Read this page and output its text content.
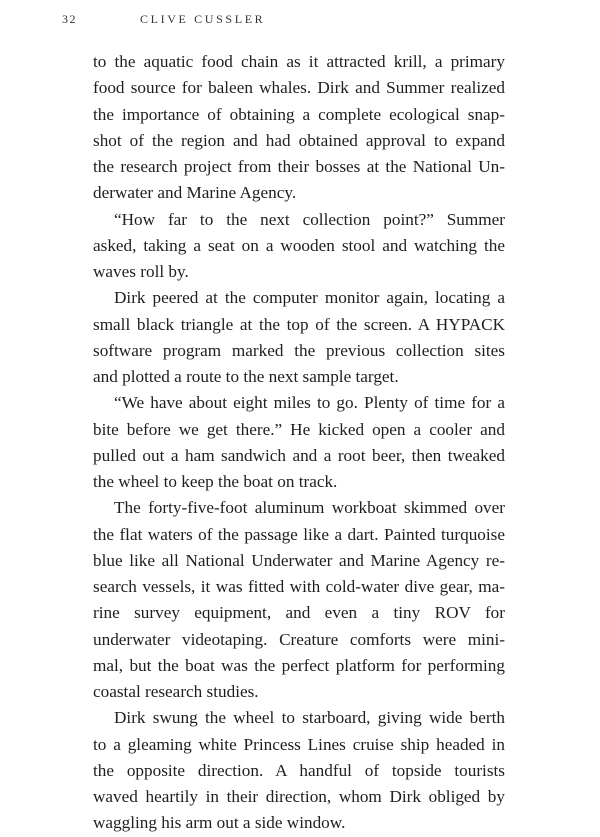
32	CLIVE CUSSLER
to the aquatic food chain as it attracted krill, a primary
food source for baleen whales. Dirk and Summer realized
the importance of obtaining a complete ecological snap-
shot of the region and had obtained approval to expand
the research project from their bosses at the National Un-
derwater and Marine Agency.
“How far to the next collection point?” Summer
asked, taking a seat on a wooden stool and watching the
waves roll by.
Dirk peered at the computer monitor again, locating a
small black triangle at the top of the screen. A HYPACK
software program marked the previous collection sites
and plotted a route to the next sample target.
“We have about eight miles to go. Plenty of time for a
bite before we get there.” He kicked open a cooler and
pulled out a ham sandwich and a root beer, then tweaked
the wheel to keep the boat on track.
The forty-five-foot aluminum workboat skimmed over
the flat waters of the passage like a dart. Painted turquoise
blue like all National Underwater and Marine Agency re-
search vessels, it was fitted with cold-water dive gear, ma-
rine survey equipment, and even a tiny ROV for
underwater videotaping. Creature comforts were mini-
mal, but the boat was the perfect platform for performing
coastal research studies.
Dirk swung the wheel to starboard, giving wide berth
to a gleaming white Princess Lines cruise ship headed in
the opposite direction. A handful of topside tourists
waved heartily in their direction, whom Dirk obliged by
waggling his arm out a side window.
